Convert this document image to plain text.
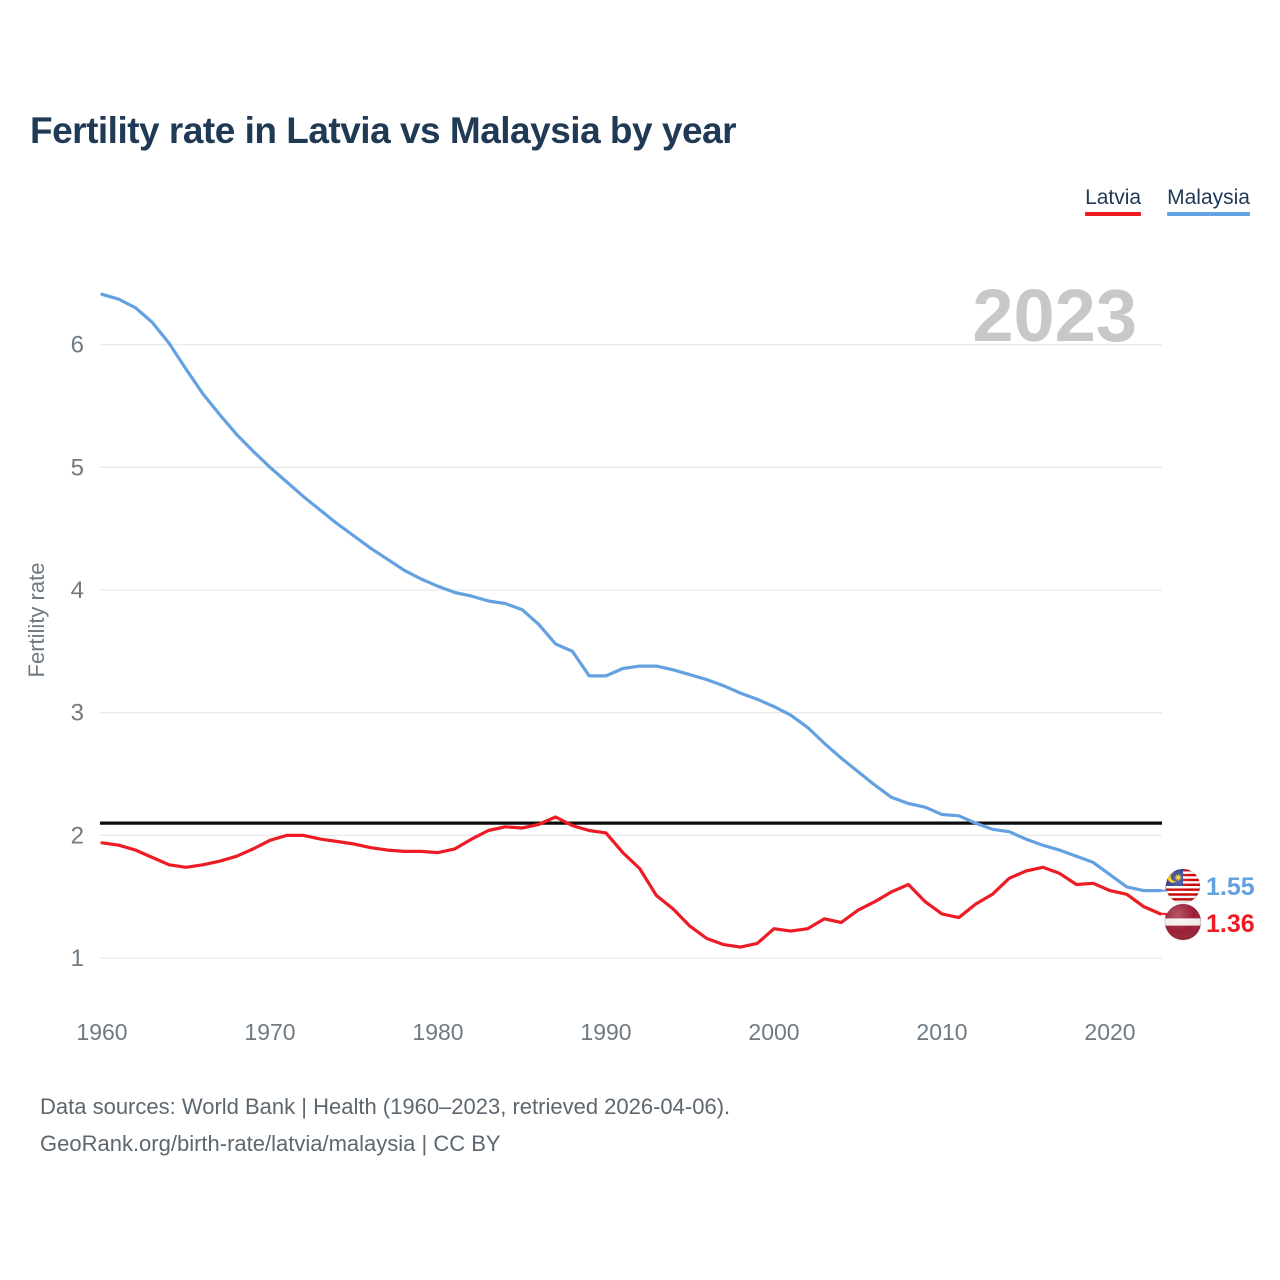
Fertility rate in Latvia vs Malaysia by year
Latvia Malaysia
2023
1
2
3
4
5
6
1960	1970	1980	1990	2000	2010	2020
Fertility rate
1.55
1.36
Data sources: World Bank | Health (1960–2023, retrieved 2026-04-06).
GeoRank.org/birth-rate/latvia/malaysia | CC BY
